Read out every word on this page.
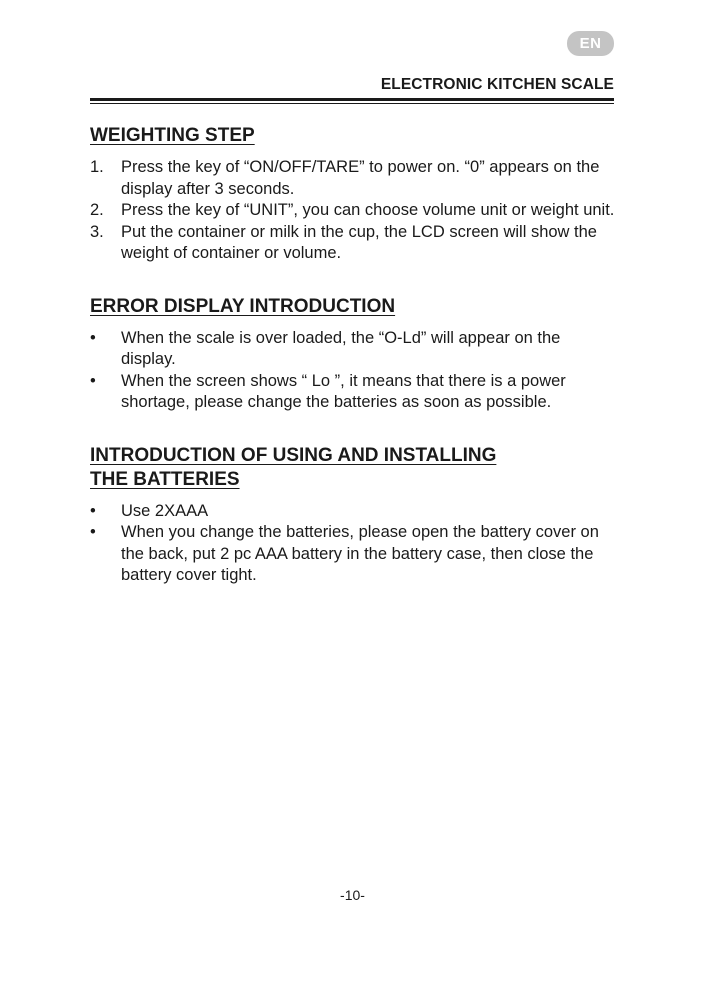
EN
ELECTRONIC KITCHEN SCALE
WEIGHTING STEP
1. Press the key of “ON/OFF/TARE” to power on. “0” appears on the display after 3 seconds.
2. Press the key of “UNIT”, you can choose volume unit or weight unit.
3. Put the container or milk in the cup, the LCD screen will show the weight of container or volume.
ERROR DISPLAY INTRODUCTION
• When the scale is over loaded, the “O-Ld” will appear on the display.
• When the screen shows “ Lo ”, it means that there is a power shortage, please change the batteries as soon as possible.
INTRODUCTION OF USING AND INSTALLING
THE BATTERIES
• Use 2XAAA
• When you change the batteries, please open the battery cover on the back, put 2 pc AAA battery in the battery case, then close the battery cover tight.
-10-
